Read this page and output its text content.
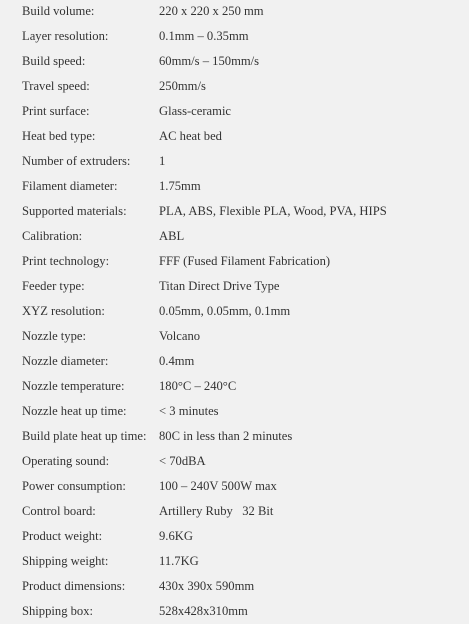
Build volume:	220 x 220 x 250 mm
Layer resolution:	0.1mm – 0.35mm
Build speed:	60mm/s – 150mm/s
Travel speed:	250mm/s
Print surface:	Glass-ceramic
Heat bed type:	AC heat bed
Number of extruders:	1
Filament diameter:	1.75mm
Supported materials:	PLA, ABS, Flexible PLA, Wood, PVA, HIPS
Calibration:	ABL
Print technology:	FFF (Fused Filament Fabrication)
Feeder type:	Titan Direct Drive Type
XYZ resolution:	0.05mm, 0.05mm, 0.1mm
Nozzle type:	Volcano
Nozzle diameter:	0.4mm
Nozzle temperature:	180°C – 240°C
Nozzle heat up time:	< 3 minutes
Build plate heat up time: 80C in less than 2 minutes
Operating sound:	< 70dBA
Power consumption:	100 – 240V 500W max
Control board:	Artillery Ruby   32 Bit
Product weight:	9.6KG
Shipping weight:	11.7KG
Product dimensions:	430x 390x 590mm
Shipping box:	528x428x310mm
